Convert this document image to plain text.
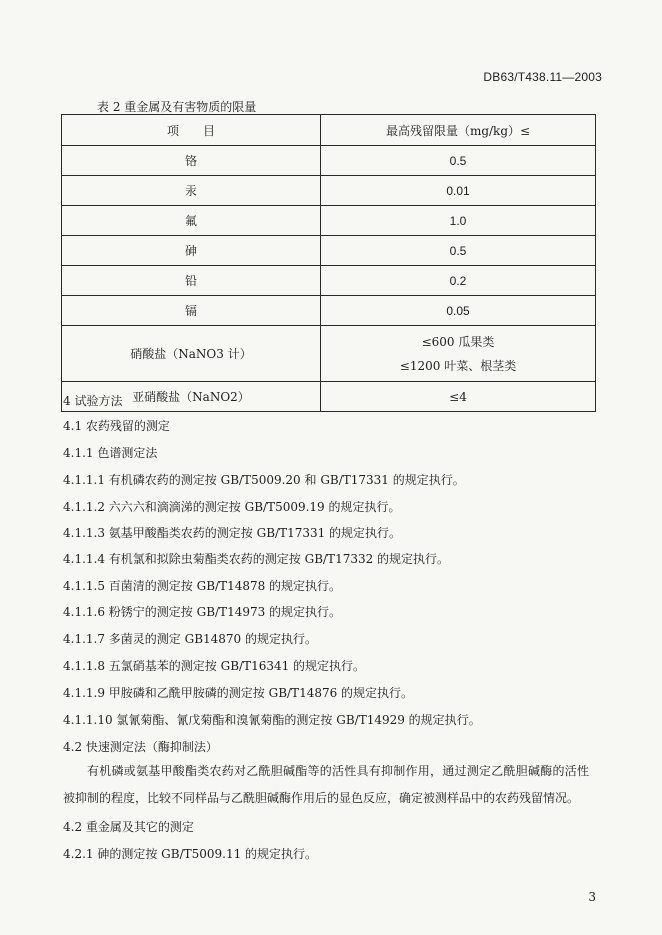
DB63/T438.11—2003
表 2 重金属及有害物质的限量
项　　目	最高残留限量（mg/kg）≤
铬	0.5
汞	0.01
氟	1.0
砷	0.5
铅	0.2
镉	0.05
硝酸盐（NaNO3 计）	≤600 瓜果类
≤1200 叶菜、根茎类

亚硝酸盐（NaNO2）	≤4
4 试验方法
4.1 农药残留的测定
4.1.1 色谱测定法
4.1.1.1 有机磷农药的测定按 GB/T5009.20 和 GB/T17331 的规定执行。
4.1.1.2 六六六和滴滴涕的测定按 GB/T5009.19 的规定执行。
4.1.1.3 氨基甲酸酯类农药的测定按 GB/T17331 的规定执行。
4.1.1.4 有机氯和拟除虫菊酯类农药的测定按 GB/T17332 的规定执行。
4.1.1.5 百菌清的测定按 GB/T14878 的规定执行。
4.1.1.6 粉锈宁的测定按 GB/T14973 的规定执行。
4.1.1.7 多菌灵的测定 GB14870 的规定执行。
4.1.1.8 五氯硝基苯的测定按 GB/T16341 的规定执行。
4.1.1.9 甲胺磷和乙酰甲胺磷的测定按 GB/T14876 的规定执行。
4.1.1.10 氯氰菊酯、氰戊菊酯和溴氰菊酯的测定按 GB/T14929 的规定执行。
4.2 快速测定法（酶抑制法）
有机磷或氨基甲酸酯类农药对乙酰胆碱酯等的活性具有抑制作用，通过测定乙酰胆碱酶的活性被抑制的程度，比较不同样品与乙酰胆碱酶作用后的显色反应，确定被测样品中的农药残留情况。
4.2 重金属及其它的测定
4.2.1 砷的测定按 GB/T5009.11 的规定执行。
3
